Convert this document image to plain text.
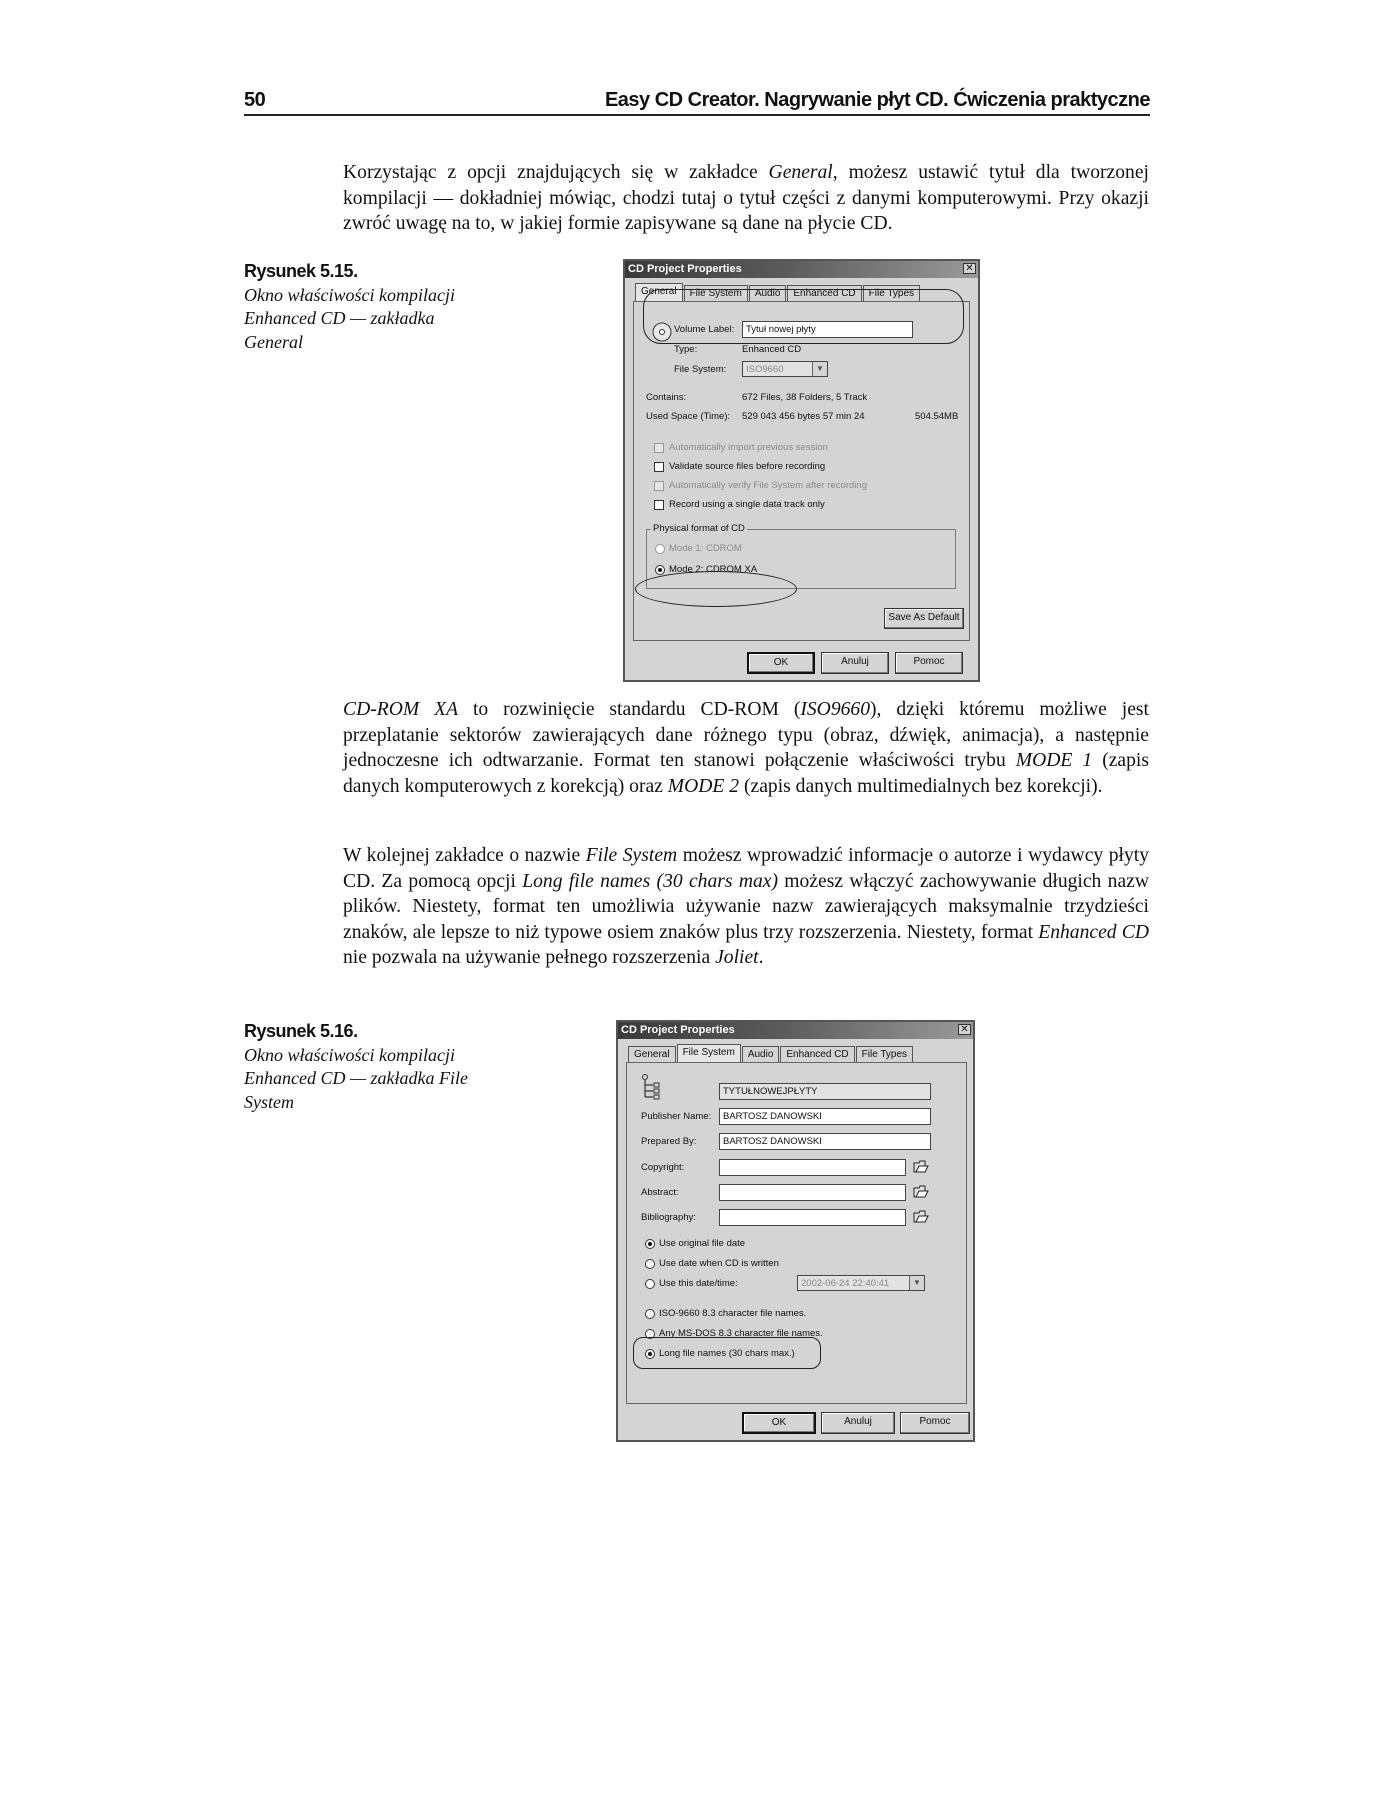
50	Easy CD Creator. Nagrywanie płyt CD. Ćwiczenia praktyczne

Korzystając z opcji znajdujących się w zakładce General, możesz ustawić tytuł dla tworzonej kompilacji — dokładniej mówiąc, chodzi tutaj o tytuł części z danymi komputerowymi. Przy okazji zwróć uwagę na to, w jakiej formie zapisywane są dane na płycie CD.

Rysunek 5.15.
Okno właściwości kompilacji Enhanced CD — zakładka General
CD Project Properties	✕
General	File System	Audio	Enhanced CD	File Types
Volume Label:	Tytuł nowej płyty
Type:	Enhanced CD
File System:	ISO9660	▼
Contains:	672 Files, 38 Folders, 5 Track
Used Space (Time): 529 043 456 bytes 57 min 24	504.54MB
Automatically import previous session
Validate source files before recording
Automatically verify File System after recording
Record using a single data track only
Physical format of CD
Mode 1: CDROM
Mode 2: CDROM XA
Save As Default
OK	Anuluj	Pomoc

CD-ROM XA to rozwinięcie standardu CD-ROM (ISO9660), dzięki któremu możliwe jest przeplatanie sektorów zawierających dane różnego typu (obraz, dźwięk, animacja), a następnie jednoczesne ich odtwarzanie. Format ten stanowi połączenie właściwości trybu MODE 1 (zapis danych komputerowych z korekcją) oraz MODE 2 (zapis danych multimedialnych bez korekcji).

W kolejnej zakładce o nazwie File System możesz wprowadzić informacje o autorze i wydawcy płyty CD. Za pomocą opcji Long file names (30 chars max) możesz włączyć zachowywanie długich nazw plików. Niestety, format ten umożliwia używanie nazw zawierających maksymalnie trzydzieści znaków, ale lepsze to niż typowe osiem znaków plus trzy rozszerzenia. Niestety, format Enhanced CD nie pozwala na używanie pełnego rozszerzenia Joliet.

Rysunek 5.16.
Okno właściwości kompilacji Enhanced CD — zakładka File System
CD Project Properties	✕
General	File System	Audio	Enhanced CD	File Types
TYTUŁNOWEJPŁYTY
Publisher Name:	BARTOSZ DANOWSKI
Prepared By:	BARTOSZ DANOWSKI
Copyright:
Abstract:
Bibliography:
Use original file date
Use date when CD is written
Use this date/time:	2002-06-24 22:40:41	▼
ISO-9660 8.3 character file names.
Any MS-DOS 8.3 character file names.
Long file names (30 chars max.)
OK	Anuluj	Pomoc
